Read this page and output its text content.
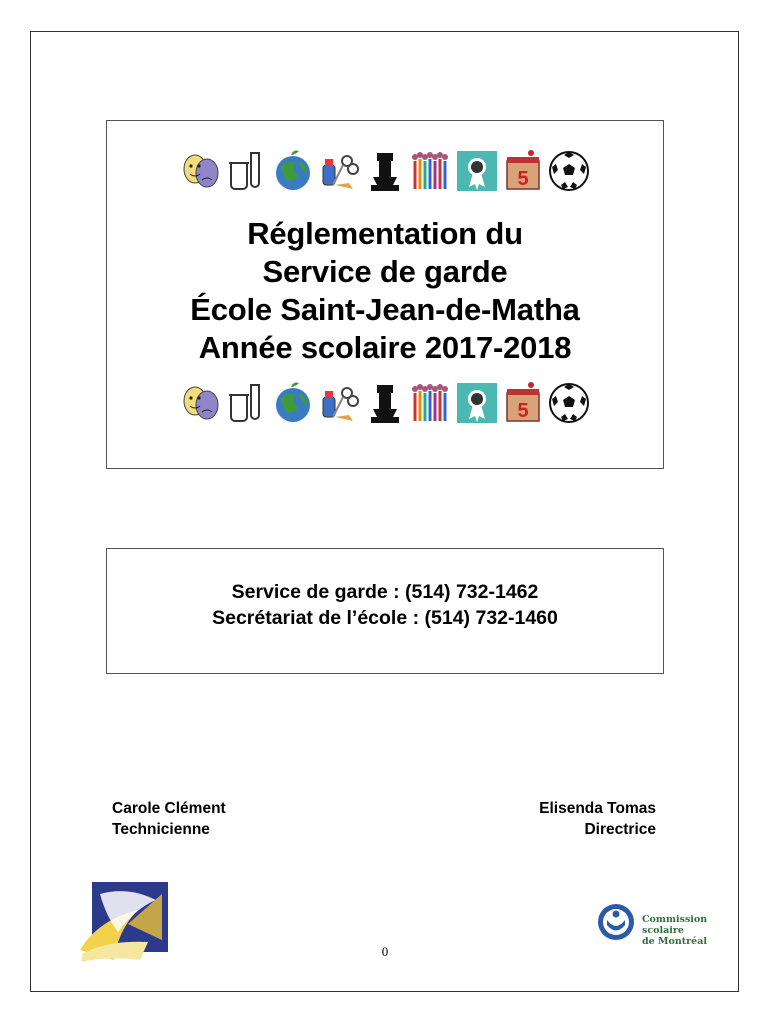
5
Réglementation du
Service de garde
École Saint-Jean-de-Matha
Année scolaire 2017-2018
5
Service de garde : (514) 732-1462
Secrétariat de l’école : (514) 732-1460
Carole Clément
Technicienne
Elisenda Tomas
Directrice
Commission
scolaire
de Montréal
0
